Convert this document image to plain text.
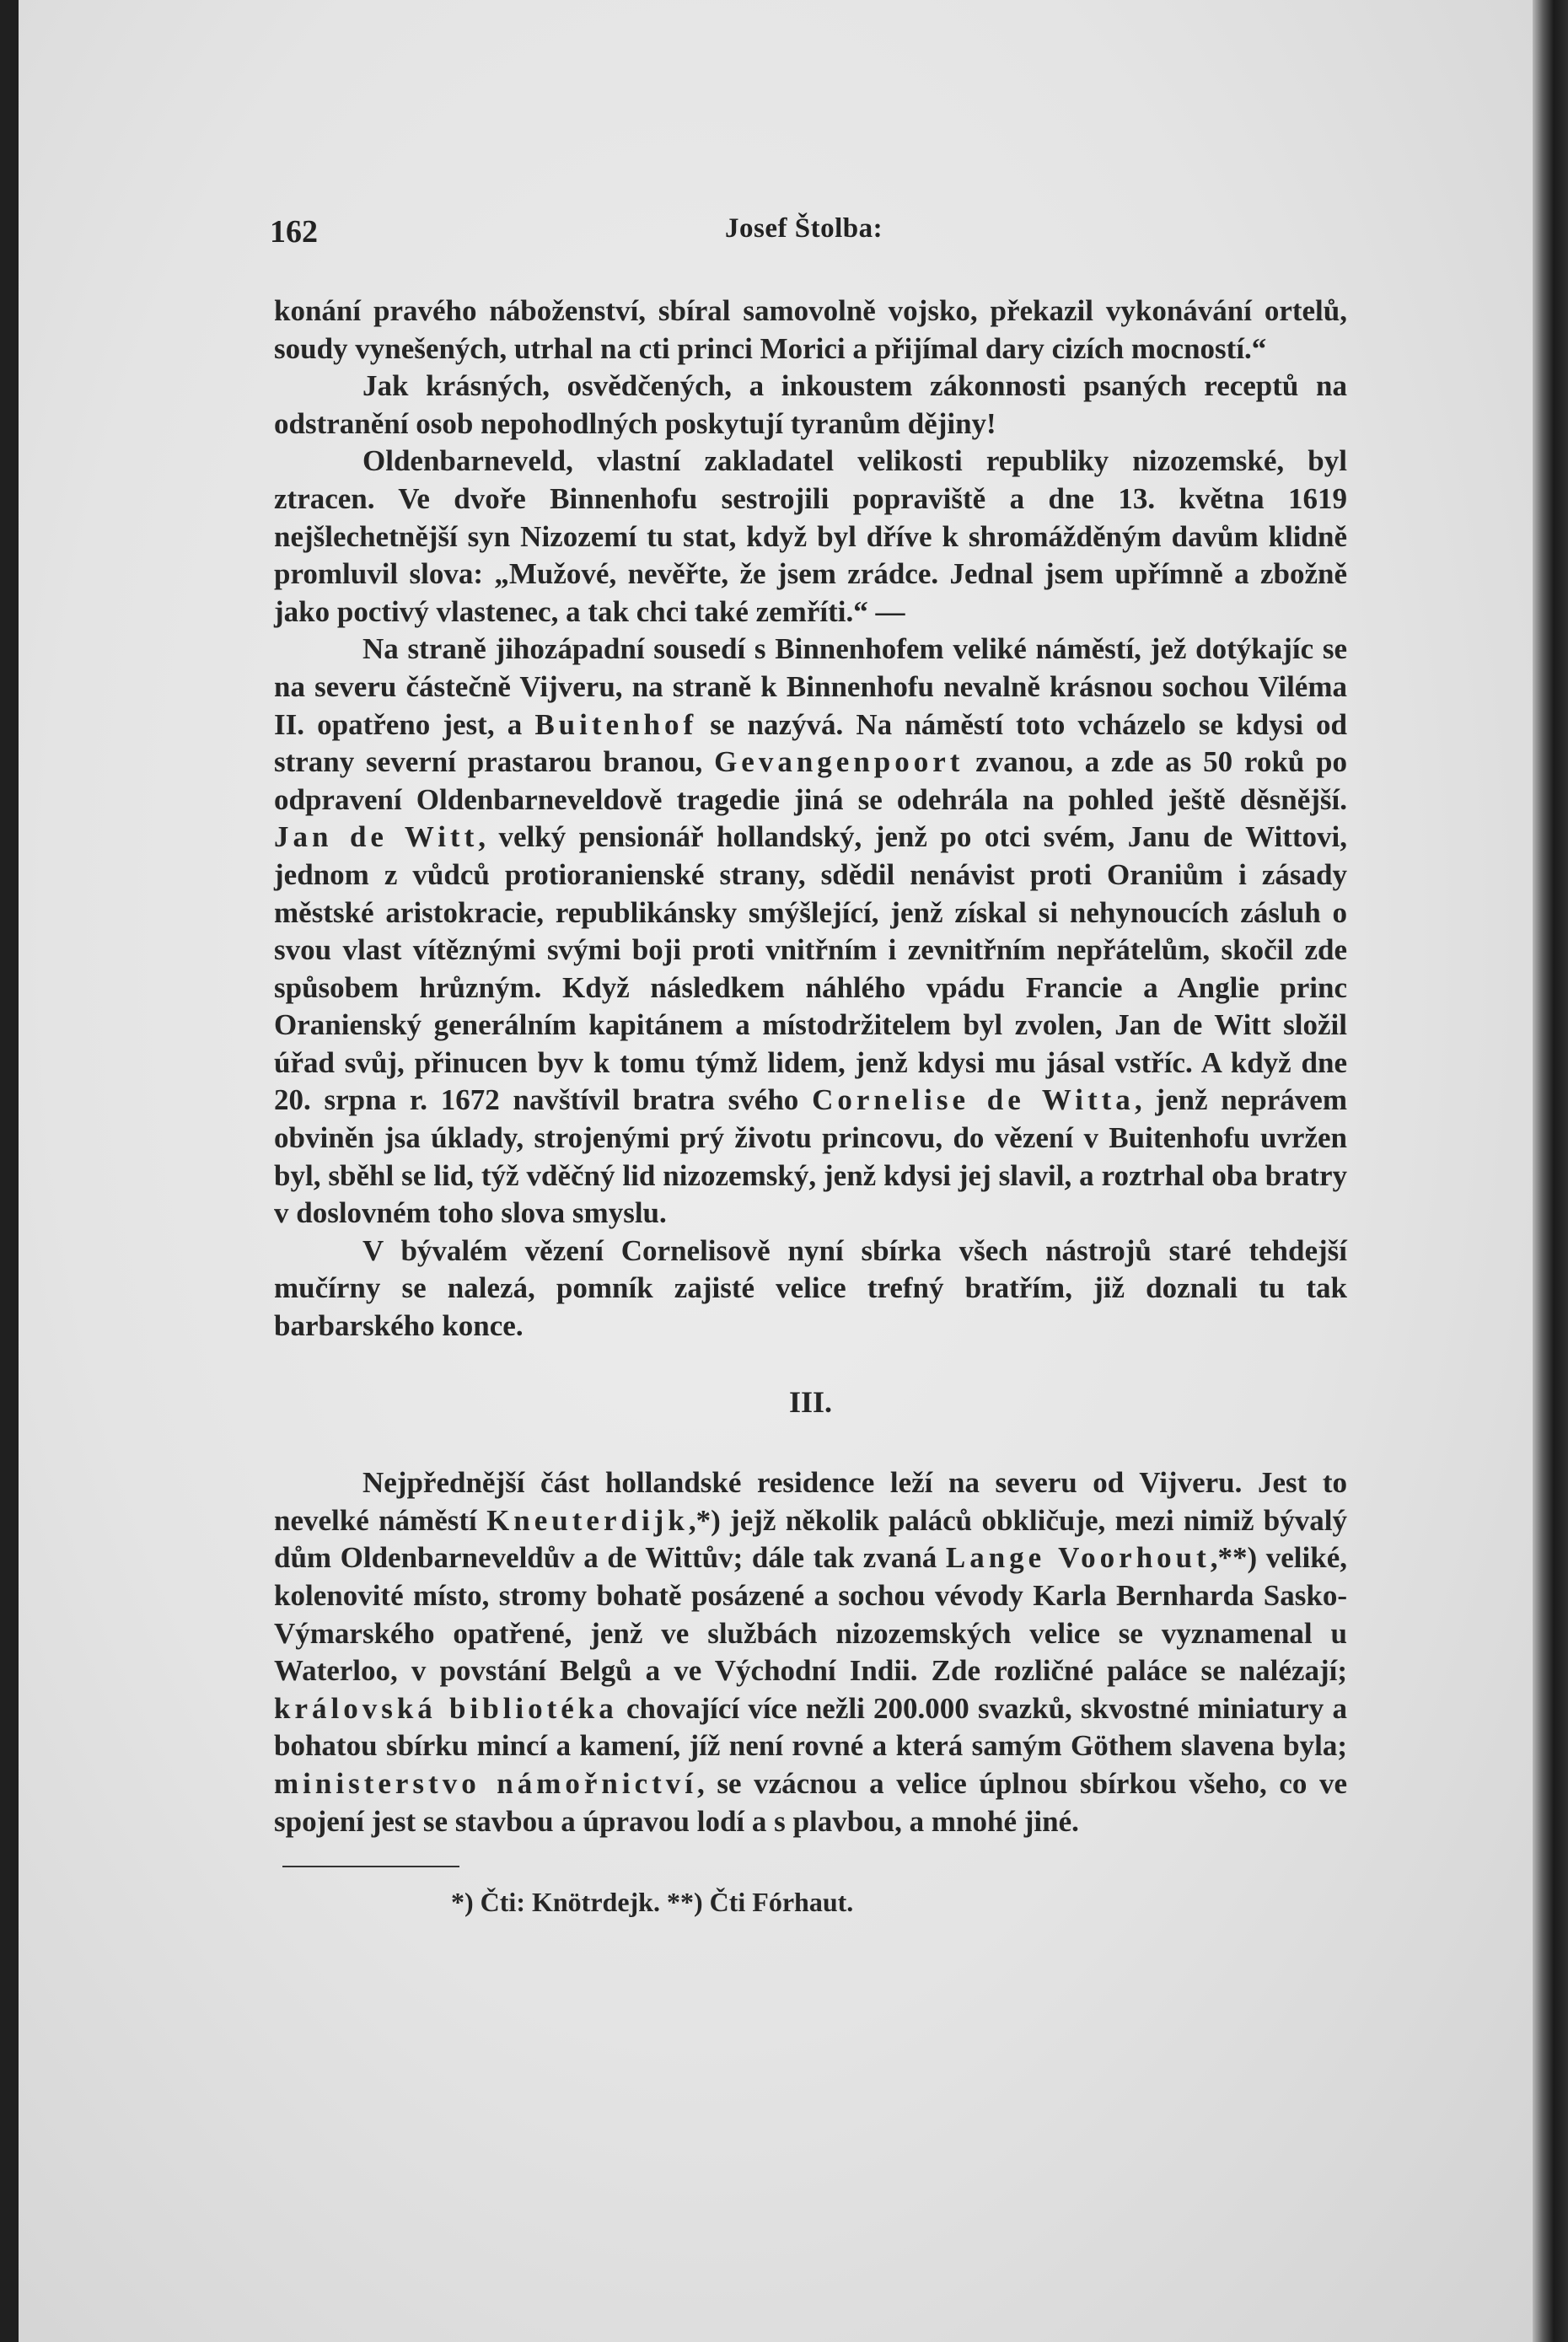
162	Josef Štolba:

konání pravého náboženství, sbíral samovolně vojsko, překazil vykonávání ortelů, soudy vynešených, utrhal na cti princi Morici a přijímal dary cizích mocností.“

Jak krásných, osvědčených, a inkoustem zákonnosti psaných receptů na odstranění osob nepohodlných poskytují tyranům dějiny!

Oldenbarneveld, vlastní zakladatel velikosti republiky nizozemské, byl ztracen. Ve dvoře Binnenhofu sestrojili popraviště a dne 13. května 1619 nejšlechetnější syn Nizozemí tu stat, když byl dříve k shromážděným davům klidně promluvil slova: „Mužové, nevěřte, že jsem zrádce. Jednal jsem upřímně a zbožně jako poctivý vlastenec, a tak chci také zemříti.“ —

Na straně jihozápadní sousedí s Binnenhofem veliké náměstí, jež dotýkajíc se na severu částečně Vijveru, na straně k Binnenhofu nevalně krásnou sochou Viléma II. opatřeno jest, a Buitenhof se nazývá. Na náměstí toto vcházelo se kdysi od strany severní prastarou branou, Gevangenpoort zvanou, a zde as 50 roků po odpravení Oldenbarneveldově tragedie jiná se odehrála na pohled ještě děsnější. Jan de Witt, velký pensionář hollandský, jenž po otci svém, Janu de Wittovi, jednom z vůdců protioranienské strany, sdědil nenávist proti Oraniům i zásady městské aristokracie, republikánsky smýšlející, jenž získal si nehynoucích zásluh o svou vlast vítěznými svými boji proti vnitřním i zevnitřním nepřátelům, skočil zde spůsobem hrůzným. Když následkem náhlého vpádu Francie a Anglie princ Oranienský generálním kapitánem a místodržitelem byl zvolen, Jan de Witt složil úřad svůj, přinucen byv k tomu týmž lidem, jenž kdysi mu jásal vstříc. A když dne 20. srpna r. 1672 navštívil bratra svého Cornelise de Witta, jenž neprávem obviněn jsa úklady, strojenými prý životu princovu, do vězení v Buitenhofu uvržen byl, sběhl se lid, týž vděčný lid nizozemský, jenž kdysi jej slavil, a roztrhal oba bratry v doslovném toho slova smyslu.

V bývalém vězení Cornelisově nyní sbírka všech nástrojů staré tehdejší mučírny se nalezá, pomník zajisté velice trefný bratřím, již doznali tu tak barbarského konce.

III.

Nejpřednější část hollandské residence leží na severu od Vijveru. Jest to nevelké náměstí Kneuterdijk,*) jejž několik paláců obkličuje, mezi nimiž bývalý dům Oldenbarneveldův a de Wittův; dále tak zvaná Lange Voorhout,**) veliké, kolenovité místo, stromy bohatě posázené a sochou vévody Karla Bernharda Sasko-Výmarského opatřené, jenž ve službách nizozemských velice se vyznamenal u Waterloo, v povstání Belgů a ve Východní Indii. Zde rozličné paláce se nalézají; královská bibliotéka chovající více nežli 200.000 svazků, skvostné miniatury a bohatou sbírku mincí a kamení, jíž není rovné a která samým Göthem slavena byla; ministerstvo námořnictví, se vzácnou a velice úplnou sbírkou všeho, co ve spojení jest se stavbou a úpravou lodí a s plavbou, a mnohé jiné.

*) Čti: Knötrdejk. **) Čti Fórhaut.
